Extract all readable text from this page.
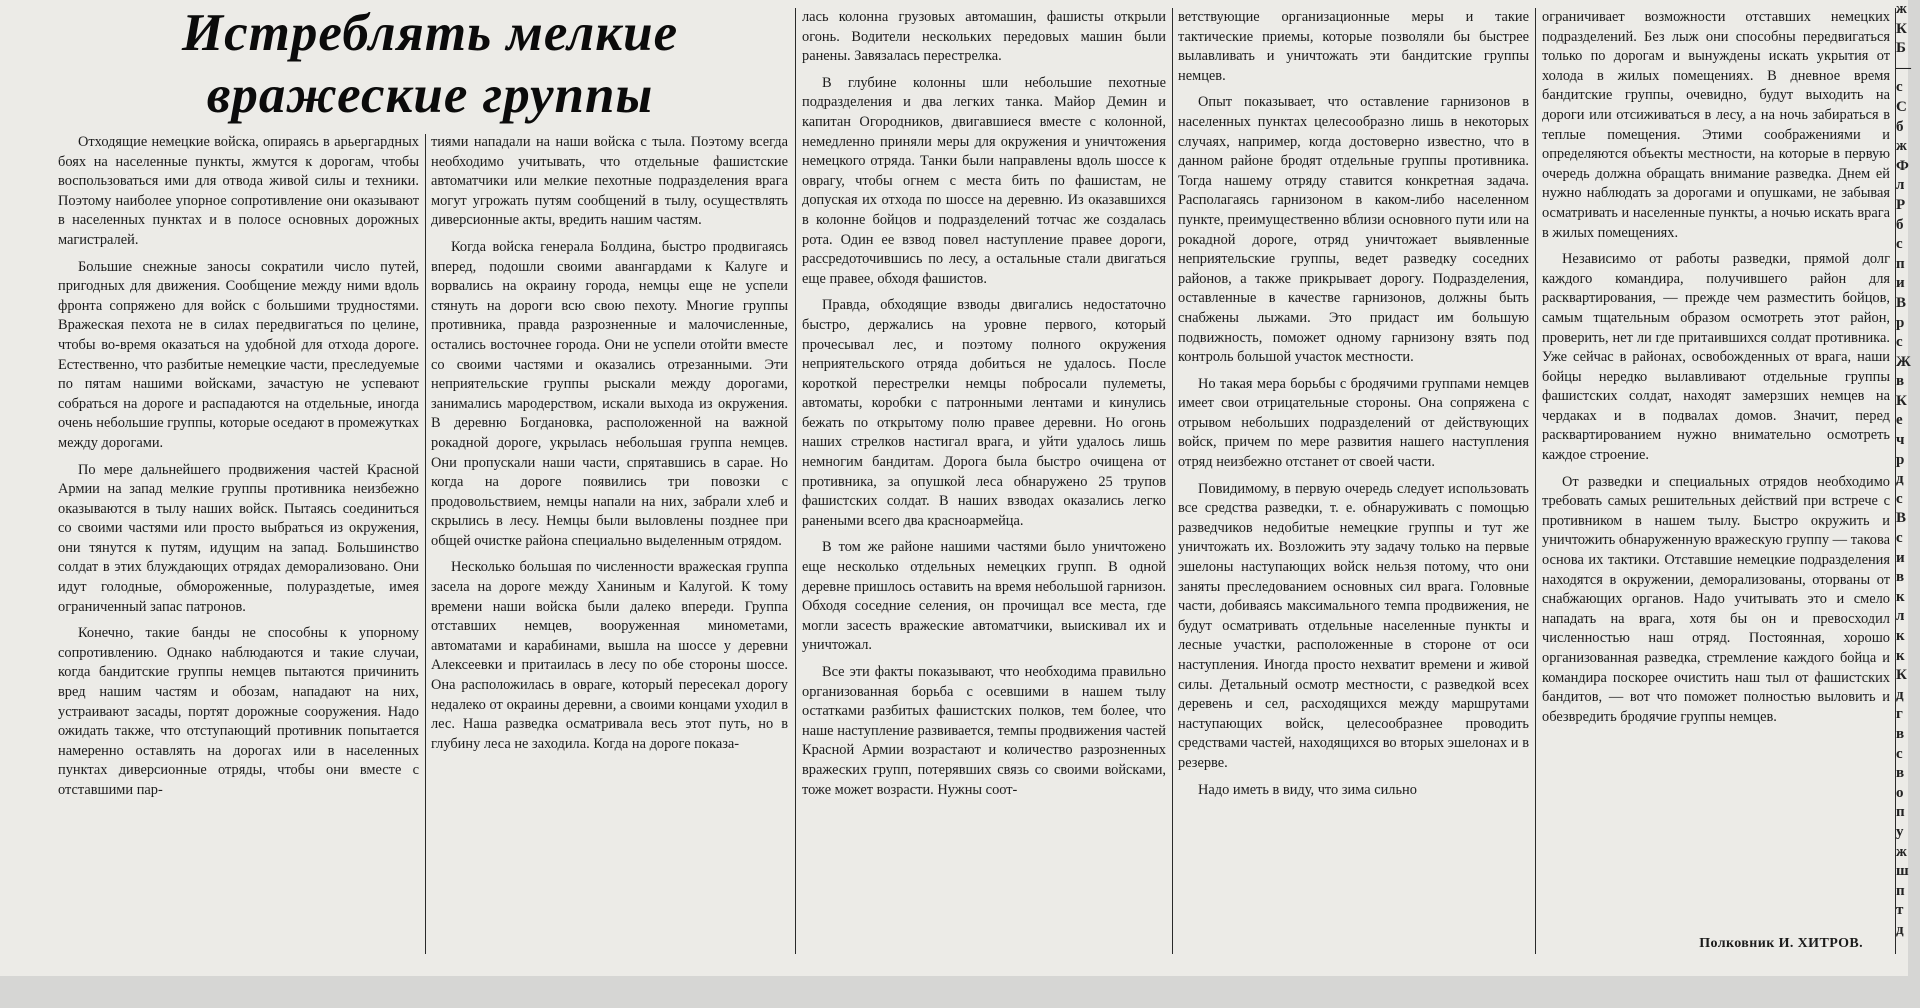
Истреблять мелкие
вражеские группы

Отходящие немецкие войска, опираясь в арьергардных боях на населенные пункты, жмутся к дорогам, чтобы воспользоваться ими для отвода живой силы и техники. Поэтому наиболее упорное сопротивление они оказывают в населенных пунктах и в полосе основных дорожных магистралей.

Большие снежные заносы сократили число путей, пригодных для движения. Сообщение между ними вдоль фронта сопряжено для войск с большими трудностями. Вражеская пехота не в силах передвигаться по целине, чтобы во-время оказаться на удобной для отхода дороге. Естественно, что разбитые немецкие части, преследуемые по пятам нашими войсками, зачастую не успевают собраться на дороге и распадаются на отдельные, иногда очень небольшие группы, которые оседают в промежутках между дорогами.

По мере дальнейшего продвижения частей Красной Армии на запад мелкие группы противника неизбежно оказываются в тылу наших войск. Пытаясь соединиться со своими частями или просто выбраться из окружения, они тянутся к путям, идущим на запад. Большинство солдат в этих блуждающих отрядах деморализовано. Они идут голодные, обмороженные, полураздетые, имея ограниченный запас патронов.

Конечно, такие банды не способны к упорному сопротивлению. Однако наблюдаются и такие случаи, когда бандитские группы немцев пытаются причинить вред нашим частям и обозам, нападают на них, устраивают засады, портят дорожные сооружения. Надо ожидать также, что отступающий противник попытается намеренно оставлять на дорогах или в населенных пунктах диверсионные отряды, чтобы они вместе с отставшими пар-

тиями нападали на наши войска с тыла. Поэтому всегда необходимо учитывать, что отдельные фашистские автоматчики или мелкие пехотные подразделения врага могут угрожать путям сообщений в тылу, осуществлять диверсионные акты, вредить нашим частям.

Когда войска генерала Болдина, быстро продвигаясь вперед, подошли своими авангардами к Калуге и ворвались на окраину города, немцы еще не успели стянуть на дороги всю свою пехоту. Многие группы противника, правда разрозненные и малочисленные, остались восточнее города. Они не успели отойти вместе со своими частями и оказались отрезанными. Эти неприятельские группы рыскали между дорогами, занимались мародерством, искали выхода из окружения. В деревню Богдановка, расположенной на важной рокадной дороге, укрылась небольшая группа немцев. Они пропускали наши части, спрятавшись в сарае. Но когда на дороге появились три повозки с продовольствием, немцы напали на них, забрали хлеб и скрылись в лесу. Немцы были выловлены позднее при общей очистке района специально выделенным отрядом.

Несколько большая по численности вражеская группа засела на дороге между Ханиным и Калугой. К тому времени наши войска были далеко впереди. Группа отставших немцев, вооруженная минометами, автоматами и карабинами, вышла на шоссе у деревни Алексеевки и притаилась в лесу по обе стороны шоссе. Она расположилась в овраге, который пересекал дорогу недалеко от окраины деревни, а своими концами уходил в лес. Наша разведка осматривала весь этот путь, но в глубину леса не заходила. Когда на дороге показа-

лась колонна грузовых автомашин, фашисты открыли огонь. Водители нескольких передовых машин были ранены. Завязалась перестрелка.

В глубине колонны шли небольшие пехотные подразделения и два легких танка. Майор Демин и капитан Огородников, двигавшиеся вместе с колонной, немедленно приняли меры для окружения и уничтожения немецкого отряда. Танки были направлены вдоль шоссе к оврагу, чтобы огнем с места бить по фашистам, не допуская их отхода по шоссе на деревню. Из оказавшихся в колонне бойцов и подразделений тотчас же создалась рота. Один ее взвод повел наступление правее дороги, рассредоточившись по лесу, а остальные стали двигаться еще правее, обходя фашистов.

Правда, обходящие взводы двигались недостаточно быстро, держались на уровне первого, который прочесывал лес, и поэтому полного окружения неприятельского отряда добиться не удалось. После короткой перестрелки немцы побросали пулеметы, автоматы, коробки с патронными лентами и кинулись бежать по открытому полю правее деревни. Но огонь наших стрелков настигал врага, и уйти удалось лишь немногим бандитам. Дорога была быстро очищена от противника, за опушкой леса обнаружено 25 трупов фашистских солдат. В наших взводах оказались легко ранеными всего два красноармейца.

В том же районе нашими частями было уничтожено еще несколько отдельных немецких групп. В одной деревне пришлось оставить на время небольшой гарнизон. Обходя соседние селения, он прочищал все места, где могли засесть вражеские автоматчики, выискивал их и уничтожал.

Все эти факты показывают, что необходима правильно организованная борьба с осевшими в нашем тылу остатками разбитых фашистских полков, тем более, что наше наступление развивается, темпы продвижения частей Красной Армии возрастают и количество разрозненных вражеских групп, потерявших связь со своими войсками, тоже может возрасти. Нужны соот-

ветствующие организационные меры и такие тактические приемы, которые позволяли бы быстрее вылавливать и уничтожать эти бандитские группы немцев.

Опыт показывает, что оставление гарнизонов в населенных пунктах целесообразно лишь в некоторых случаях, например, когда достоверно известно, что в данном районе бродят отдельные группы противника. Тогда нашему отряду ставится конкретная задача. Располагаясь гарнизоном в каком-либо населенном пункте, преимущественно вблизи основного пути или на рокадной дороге, отряд уничтожает выявленные неприятельские группы, ведет разведку соседних районов, а также прикрывает дорогу. Подразделения, оставленные в качестве гарнизонов, должны быть снабжены лыжами. Это придаст им большую подвижность, поможет одному гарнизону взять под контроль большой участок местности.

Но такая мера борьбы с бродячими группами немцев имеет свои отрицательные стороны. Она сопряжена с отрывом небольших подразделений от действующих войск, причем по мере развития нашего наступления отряд неизбежно отстанет от своей части.

Повидимому, в первую очередь следует использовать все средства разведки, т. е. обнаруживать с помощью разведчиков недобитые немецкие группы и тут же уничтожать их. Возложить эту задачу только на первые эшелоны наступающих войск нельзя потому, что они заняты преследованием основных сил врага. Головные части, добиваясь максимального темпа продвижения, не будут осматривать отдельные населенные пункты и лесные участки, расположенные в стороне от оси наступления. Иногда просто нехватит времени и живой силы. Детальный осмотр местности, с разведкой всех деревень и сел, расходящихся между маршрутами наступающих войск, целесообразнее проводить средствами частей, находящихся во вторых эшелонах и в резерве.

Надо иметь в виду, что зима сильно

ограничивает возможности отставших немецких подразделений. Без лыж они способны передвигаться только по дорогам и вынуждены искать укрытия от холода в жилых помещениях. В дневное время бандитские группы, очевидно, будут выходить на дороги или отсиживаться в лесу, а на ночь забираться в теплые помещения. Этими соображениями и определяются объекты местности, на которые в первую очередь должна обращать внимание разведка. Днем ей нужно наблюдать за дорогами и опушками, не забывая осматривать и населенные пункты, а ночью искать врага в жилых помещениях.

Независимо от работы разведки, прямой долг каждого командира, получившего район для расквартирования, — прежде чем разместить бойцов, самым тщательным образом осмотреть этот район, проверить, нет ли где притаившихся солдат противника. Уже сейчас в районах, освобожденных от врага, наши бойцы нередко вылавливают отдельные группы фашистских солдат, находят замерзших немцев на чердаках и в подвалах домов. Значит, перед расквартированием нужно внимательно осмотреть каждое строение.

От разведки и специальных отрядов необходимо требовать самых решительных действий при встрече с противником в нашем тылу. Быстро окружить и уничтожить обнаруженную вражескую группу — такова основа их тактики. Отставшие немецкие подразделения находятся в окружении, деморализованы, оторваны от снабжающих органов. Надо учитывать это и смело нападать на врага, хотя бы он и превосходил численностью наш отряд. Постоянная, хорошо организованная разведка, стремление каждого бойца и командира поскорее очистить наш тыл от фашистских бандитов, — вот что поможет полностью выловить и обезвредить бродячие группы немцев.

Полковник И. ХИТРОВ.
ж
К
Б
—
с
С
б
ж
Ф
л
Р
б
с
п
и
В
р
с
Ж
в
К
е
ч
р
д
с
В
с
и
в
к
л
к
к
К
д
г
в
с
в
о
п
у
ж
ш
п
т
д
